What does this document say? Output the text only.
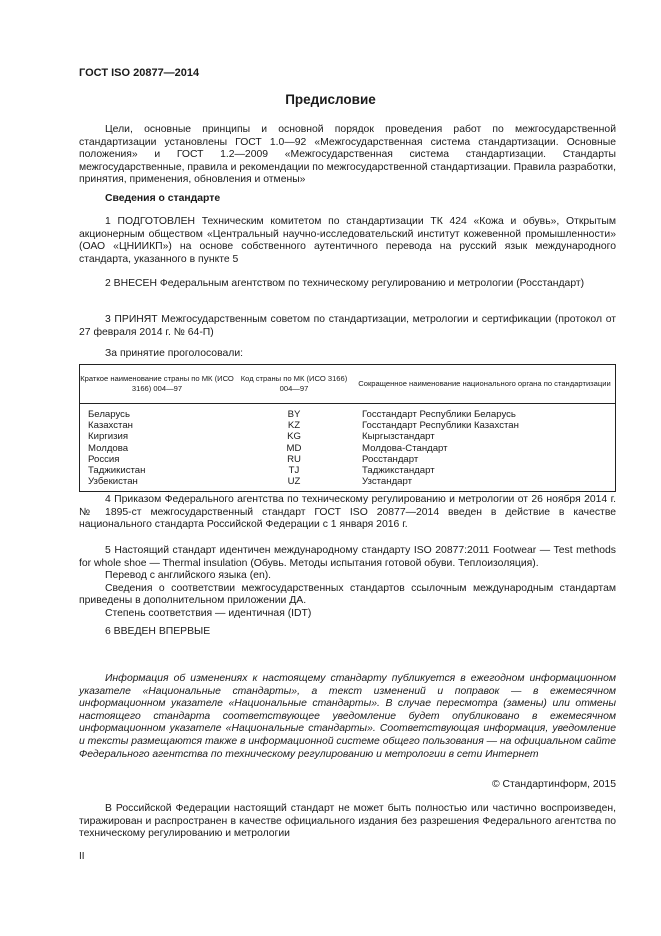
ГОСТ ISO 20877—2014
Предисловие

Цели, основные принципы и основной порядок проведения работ по межгосударственной стандартизации установлены ГОСТ 1.0—92 «Межгосударственная система стандартизации. Основные положения» и ГОСТ 1.2—2009 «Межгосударственная система стандартизации. Стандарты межгосударственные, правила и рекомендации по межгосударственной стандартизации. Правила разработки, принятия, применения, обновления и отмены»

Сведения о стандарте

1 ПОДГОТОВЛЕН Техническим комитетом по стандартизации ТК 424 «Кожа и обувь», Открытым акционерным обществом «Центральный научно-исследовательский институт кожевенной промышленности» (ОАО «ЦНИИКП») на основе собственного аутентичного перевода на русский язык международного стандарта, указанного в пункте 5

2 ВНЕСЕН Федеральным агентством по техническому регулированию и метрологии (Росстандарт)

3 ПРИНЯТ Межгосударственным советом по стандартизации, метрологии и сертификации (протокол от 27 февраля 2014 г. № 64-П)

За принятие проголосовали:

Краткое наименование страны по МК (ИСО 3166) 004—97
Код страны по МК (ИСО 3166) 004—97
Сокращенное наименование национального органа по стандартизации
Беларусь
Казахстан
Киргизия
Молдова
Россия
Таджикистан
Узбекистан
BY
KZ
KG
MD
RU
TJ
UZ
Госстандарт Республики Беларусь
Госстандарт Республики Казахстан
Кыргызстандарт
Молдова-Стандарт
Росстандарт
Таджикстандарт
Узстандарт

4 Приказом Федерального агентства по техническому регулированию и метрологии от 26 ноября 2014 г. № 1895-ст межгосударственный стандарт ГОСТ ISO 20877—2014 введен в действие в качестве национального стандарта Российской Федерации с 1 января 2016 г.

5 Настоящий стандарт идентичен международному стандарту ISO 20877:2011 Footwear — Test methods for whole shoe — Thermal insulation (Обувь. Методы испытания готовой обуви. Теплоизоляция).

Перевод с английского языка (en).

Сведения о соответствии межгосударственных стандартов ссылочным международным стандартам приведены в дополнительном приложении ДА.

Степень соответствия — идентичная (IDT)

6 ВВЕДЕН ВПЕРВЫЕ

Информация об изменениях к настоящему стандарту публикуется в ежегодном информационном указателе «Национальные стандарты», а текст изменений и поправок — в ежемесячном информационном указателе «Национальные стандарты». В случае пересмотра (замены) или отмены настоящего стандарта соответствующее уведомление будет опубликовано в ежемесячном информационном указателе «Национальные стандарты». Соответствующая информация, уведомление и тексты размещаются также в информационной системе общего пользования — на официальном сайте Федерального агентства по техническому регулированию и метрологии в сети Интернет

© Стандартинформ, 2015

В Российской Федерации настоящий стандарт не может быть полностью или частично воспроизведен, тиражирован и распространен в качестве официального издания без разрешения Федерального агентства по техническому регулированию и метрологии

II
